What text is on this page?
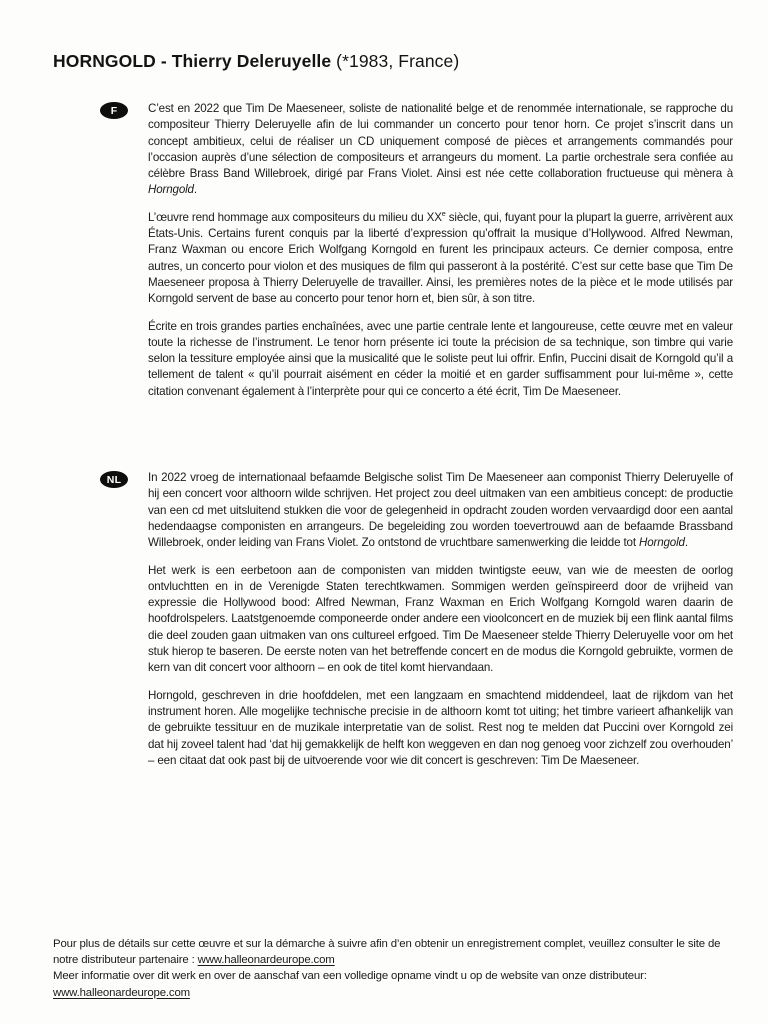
HORNGOLD - Thierry Deleruyelle (*1983, France)
F	C’est en 2022 que Tim De Maeseneer, soliste de nationalité belge et de renommée internationale, se rapproche du compositeur Thierry Deleruyelle afin de lui commander un concerto pour tenor horn. Ce projet s’inscrit dans un concept ambitieux, celui de réaliser un CD uniquement composé de pièces et arrangements commandés pour l’occasion auprès d’une sélection de compositeurs et arrangeurs du moment. La partie orchestrale sera confiée au célèbre Brass Band Willebroek, dirigé par Frans Violet. Ainsi est née cette collaboration fructueuse qui mènera à Horngold.

L’œuvre rend hommage aux compositeurs du milieu du XXe siècle, qui, fuyant pour la plupart la guerre, arrivèrent aux États-Unis. Certains furent conquis par la liberté d’expression qu’offrait la musique d’Hollywood. Alfred Newman, Franz Waxman ou encore Erich Wolfgang Korngold en furent les principaux acteurs. Ce dernier composa, entre autres, un concerto pour violon et des musiques de film qui passeront à la postérité. C’est sur cette base que Tim De Maeseneer proposa à Thierry Deleruyelle de travailler. Ainsi, les premières notes de la pièce et le mode utilisés par Korngold servent de base au concerto pour tenor horn et, bien sûr, à son titre.

Écrite en trois grandes parties enchaînées, avec une partie centrale lente et langoureuse, cette œuvre met en valeur toute la richesse de l’instrument. Le tenor horn présente ici toute la précision de sa technique, son timbre qui varie selon la tessiture employée ainsi que la musicalité que le soliste peut lui offrir. Enfin, Puccini disait de Korngold qu’il a tellement de talent « qu’il pourrait aisément en céder la moitié et en garder suffisamment pour lui-même », cette citation convenant également à l’interprète pour qui ce concerto a été écrit, Tim De Maeseneer.

NL	In 2022 vroeg de internationaal befaamde Belgische solist Tim De Maeseneer aan componist Thierry Deleruyelle of hij een concert voor althoorn wilde schrijven. Het project zou deel uitmaken van een ambitieus concept: de productie van een cd met uitsluitend stukken die voor de gelegenheid in opdracht zouden worden vervaardigd door een aantal hedendaagse componisten en arrangeurs. De begeleiding zou worden toevertrouwd aan de befaamde Brassband Willebroek, onder leiding van Frans Violet. Zo ontstond de vruchtbare samenwerking die leidde tot Horngold.

Het werk is een eerbetoon aan de componisten van midden twintigste eeuw, van wie de meesten de oorlog ontvluchtten en in de Verenigde Staten terechtkwamen. Sommigen werden geïnspireerd door de vrijheid van expressie die Hollywood bood: Alfred Newman, Franz Waxman en Erich Wolfgang Korngold waren daarin de hoofdrolspelers. Laatstgenoemde componeerde onder andere een vioolconcert en de muziek bij een flink aantal films die deel zouden gaan uitmaken van ons cultureel erfgoed. Tim De Maeseneer stelde Thierry Deleruyelle voor om het stuk hierop te baseren. De eerste noten van het betreffende concert en de modus die Korngold gebruikte, vormen de kern van dit concert voor althoorn – en ook de titel komt hiervandaan.

Horngold, geschreven in drie hoofddelen, met een langzaam en smachtend middendeel, laat de rijkdom van het instrument horen. Alle mogelijke technische precisie in de althoorn komt tot uiting; het timbre varieert afhankelijk van de gebruikte tessituur en de muzikale interpretatie van de solist. Rest nog te melden dat Puccini over Korngold zei dat hij zoveel talent had ‘dat hij gemakkelijk de helft kon weggeven en dan nog genoeg voor zichzelf zou overhouden’ – een citaat dat ook past bij de uitvoerende voor wie dit concert is geschreven: Tim De Maeseneer.

Pour plus de détails sur cette œuvre et sur la démarche à suivre afin d’en obtenir un enregistrement complet, veuillez consulter le site de notre distributeur partenaire : www.halleonardeurope.com

Meer informatie over dit werk en over de aanschaf van een volledige opname vindt u op de website van onze distributeur:
www.halleonardeurope.com
